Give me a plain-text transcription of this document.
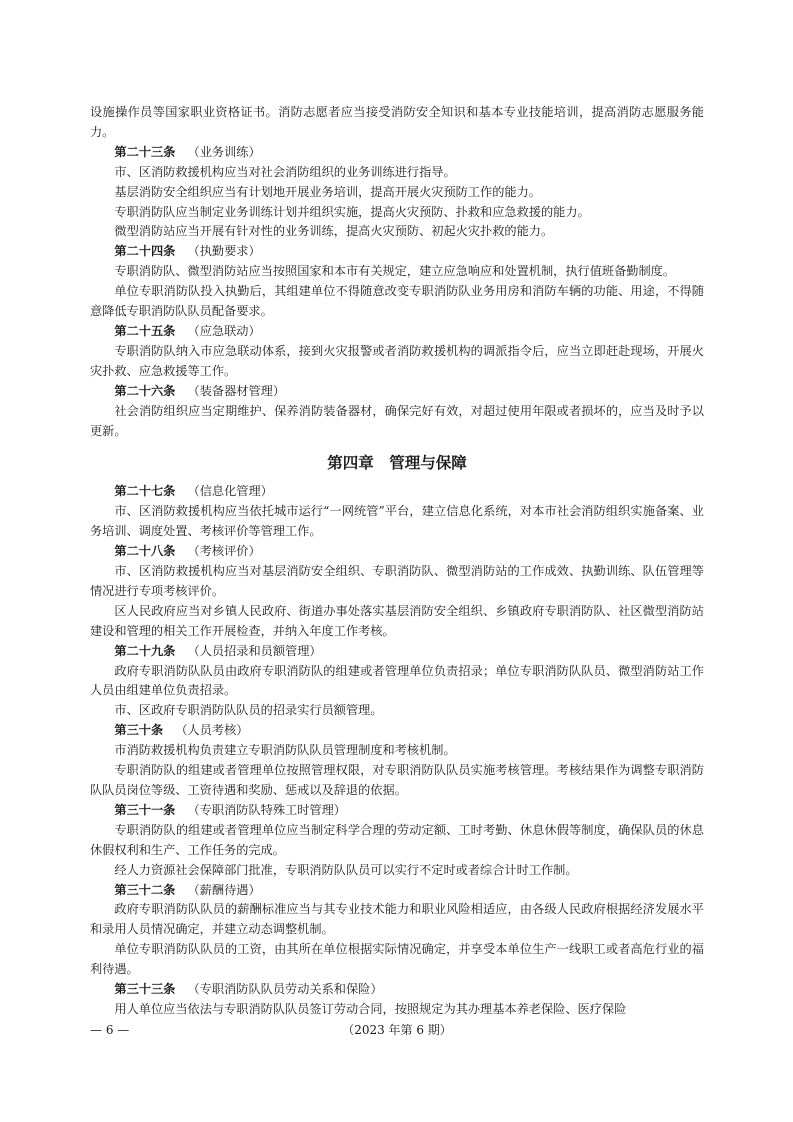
设施操作员等国家职业资格证书。消防志愿者应当接受消防安全知识和基本专业技能培训，提高消防志愿服务能力。

第二十三条 （业务训练）

市、区消防救援机构应当对社会消防组织的业务训练进行指导。

基层消防安全组织应当有计划地开展业务培训，提高开展火灾预防工作的能力。

专职消防队应当制定业务训练计划并组织实施，提高火灾预防、扑救和应急救援的能力。

微型消防站应当开展有针对性的业务训练，提高火灾预防、初起火灾扑救的能力。

第二十四条 （执勤要求）

专职消防队、微型消防站应当按照国家和本市有关规定，建立应急响应和处置机制，执行值班备勤制度。

单位专职消防队投入执勤后，其组建单位不得随意改变专职消防队业务用房和消防车辆的功能、用途，不得随意降低专职消防队队员配备要求。

第二十五条 （应急联动）

专职消防队纳入市应急联动体系，接到火灾报警或者消防救援机构的调派指令后，应当立即赶赴现场，开展火灾扑救、应急救援等工作。

第二十六条 （装备器材管理）

社会消防组织应当定期维护、保养消防装备器材，确保完好有效，对超过使用年限或者损坏的，应当及时予以更新。

第四章　管理与保障

第二十七条 （信息化管理）

市、区消防救援机构应当依托城市运行“一网统管”平台，建立信息化系统，对本市社会消防组织实施备案、业务培训、调度处置、考核评价等管理工作。

第二十八条 （考核评价）

市、区消防救援机构应当对基层消防安全组织、专职消防队、微型消防站的工作成效、执勤训练、队伍管理等情况进行专项考核评价。

区人民政府应当对乡镇人民政府、街道办事处落实基层消防安全组织、乡镇政府专职消防队、社区微型消防站建设和管理的相关工作开展检查，并纳入年度工作考核。

第二十九条 （人员招录和员额管理）

政府专职消防队队员由政府专职消防队的组建或者管理单位负责招录；单位专职消防队队员、微型消防站工作人员由组建单位负责招录。

市、区政府专职消防队队员的招录实行员额管理。

第三十条 （人员考核）

市消防救援机构负责建立专职消防队队员管理制度和考核机制。

专职消防队的组建或者管理单位按照管理权限，对专职消防队队员实施考核管理。考核结果作为调整专职消防队队员岗位等级、工资待遇和奖励、惩戒以及辞退的依据。

第三十一条 （专职消防队特殊工时管理）

专职消防队的组建或者管理单位应当制定科学合理的劳动定额、工时考勤、休息休假等制度，确保队员的休息休假权利和生产、工作任务的完成。

经人力资源社会保障部门批准，专职消防队队员可以实行不定时或者综合计时工作制。

第三十二条 （薪酬待遇）

政府专职消防队队员的薪酬标准应当与其专业技术能力和职业风险相适应，由各级人民政府根据经济发展水平和录用人员情况确定，并建立动态调整机制。

单位专职消防队队员的工资，由其所在单位根据实际情况确定，并享受本单位生产一线职工或者高危行业的福利待遇。

第三十三条 （专职消防队队员劳动关系和保险）

用人单位应当依法与专职消防队队员签订劳动合同，按照规定为其办理基本养老保险、医疗保险

— 6 —	（2023 年第 6 期）
